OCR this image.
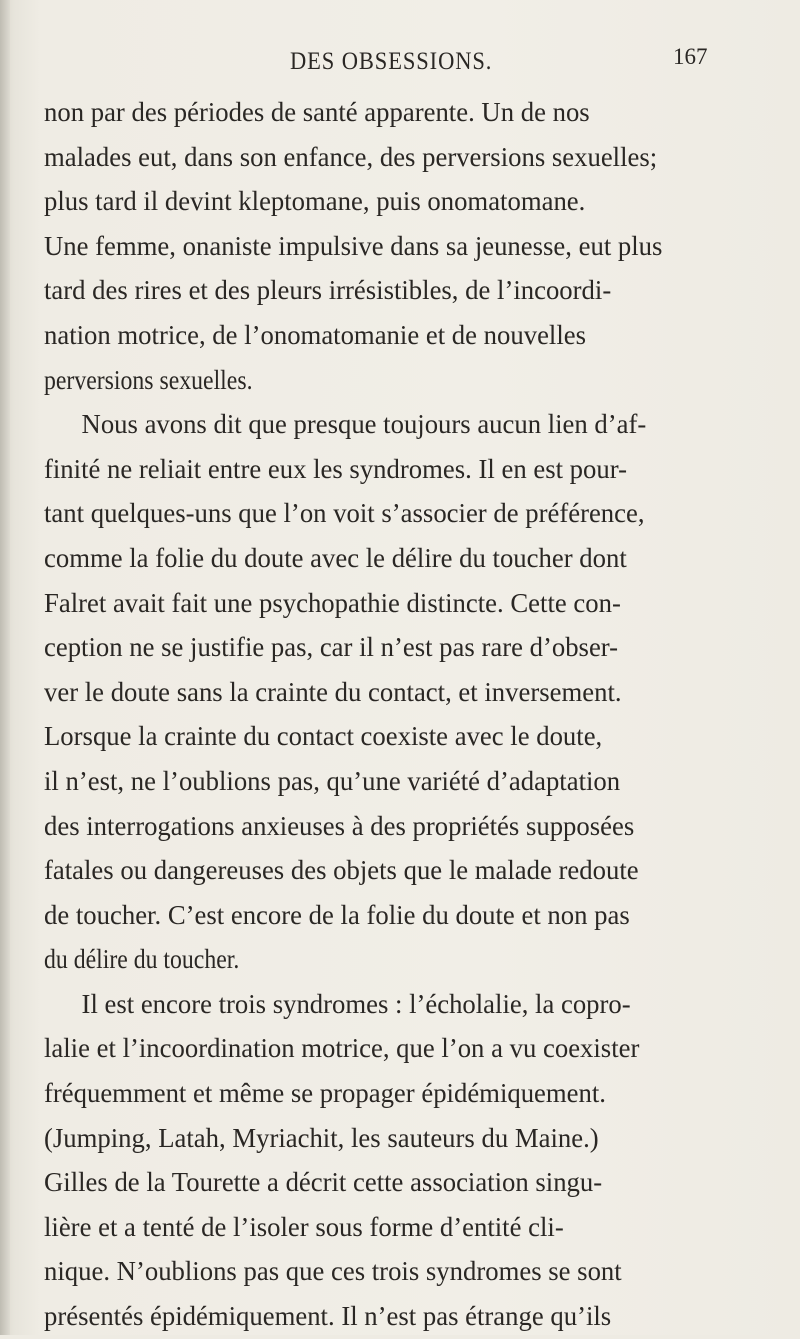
DES OBSESSIONS.	167
non par des périodes de santé apparente. Un de nos
malades eut, dans son enfance, des perversions sexuelles;
plus tard il devint kleptomane, puis onomatomane.
Une femme, onaniste impulsive dans sa jeunesse, eut plus
tard des rires et des pleurs irrésistibles, de l’incoordi-
nation motrice, de l’onomatomanie et de nouvelles
perversions sexuelles.
Nous avons dit que presque toujours aucun lien d’af-
finité ne reliait entre eux les syndromes. Il en est pour-
tant quelques-uns que l’on voit s’associer de préférence,
comme la folie du doute avec le délire du toucher dont
Falret avait fait une psychopathie distincte. Cette con-
ception ne se justifie pas, car il n’est pas rare d’obser-
ver le doute sans la crainte du contact, et inversement.
Lorsque la crainte du contact coexiste avec le doute,
il n’est, ne l’oublions pas, qu’une variété d’adaptation
des interrogations anxieuses à des propriétés supposées
fatales ou dangereuses des objets que le malade redoute
de toucher. C’est encore de la folie du doute et non pas
du délire du toucher.
Il est encore trois syndromes : l’écholalie, la copro-
lalie et l’incoordination motrice, que l’on a vu coexister
fréquemment et même se propager épidémiquement.
(Jumping, Latah, Myriachit, les sauteurs du Maine.)
Gilles de la Tourette a décrit cette association singu-
lière et a tenté de l’isoler sous forme d’entité cli-
nique. N’oublions pas que ces trois syndromes se sont
présentés épidémiquement. Il n’est pas étrange qu’ils
